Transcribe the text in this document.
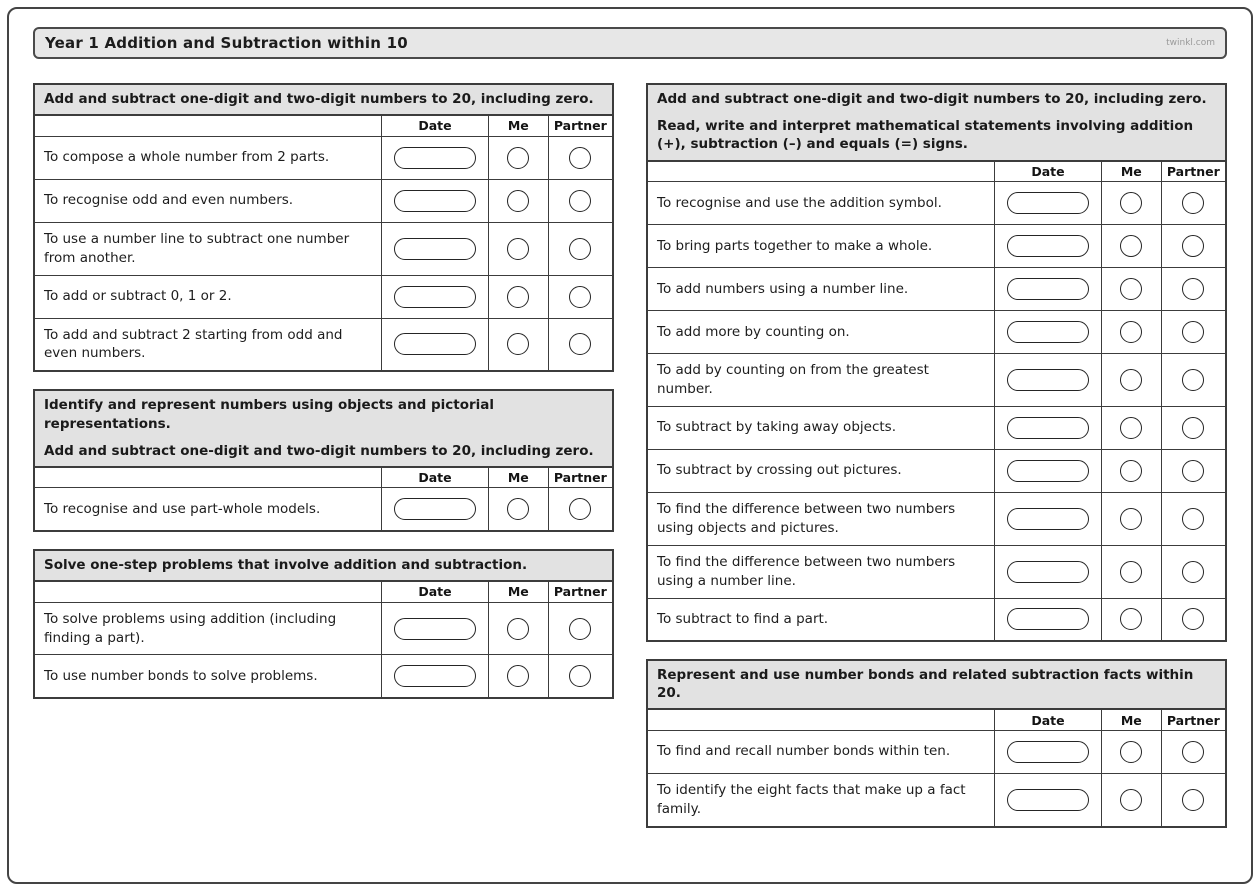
Year 1 Addition and Subtraction within 10	twinkl.com

Add and subtract one-digit and two-digit numbers to 20, including zero.

	Date	Me	Partner
To compose a whole number from 2 parts.			
To recognise odd and even numbers.			
To use a number line to subtract one number from another.			
To add or subtract 0, 1 or 2.			
To add and subtract 2 starting from odd and even numbers.			

Identify and represent numbers using objects and pictorial representations.

Add and subtract one-digit and two-digit numbers to 20, including zero.

	Date	Me	Partner
To recognise and use part-whole models.			

Solve one-step problems that involve addition and subtraction.

	Date	Me	Partner
To solve problems using addition (including finding a part).			
To use number bonds to solve problems.			

Add and subtract one-digit and two-digit numbers to 20, including zero.

Read, write and interpret mathematical statements involving addition (+), subtraction (–) and equals (=) signs.

	Date	Me	Partner
To recognise and use the addition symbol.			
To bring parts together to make a whole.			
To add numbers using a number line.			
To add more by counting on.			
To add by counting on from the greatest number.			
To subtract by taking away objects.			
To subtract by crossing out pictures.			
To find the difference between two numbers using objects and pictures.			
To find the difference between two numbers using a number line.			
To subtract to find a part.			

Represent and use number bonds and related subtraction facts within 20.

	Date	Me	Partner
To find and recall number bonds within ten.			
To identify the eight facts that make up a fact family.			
